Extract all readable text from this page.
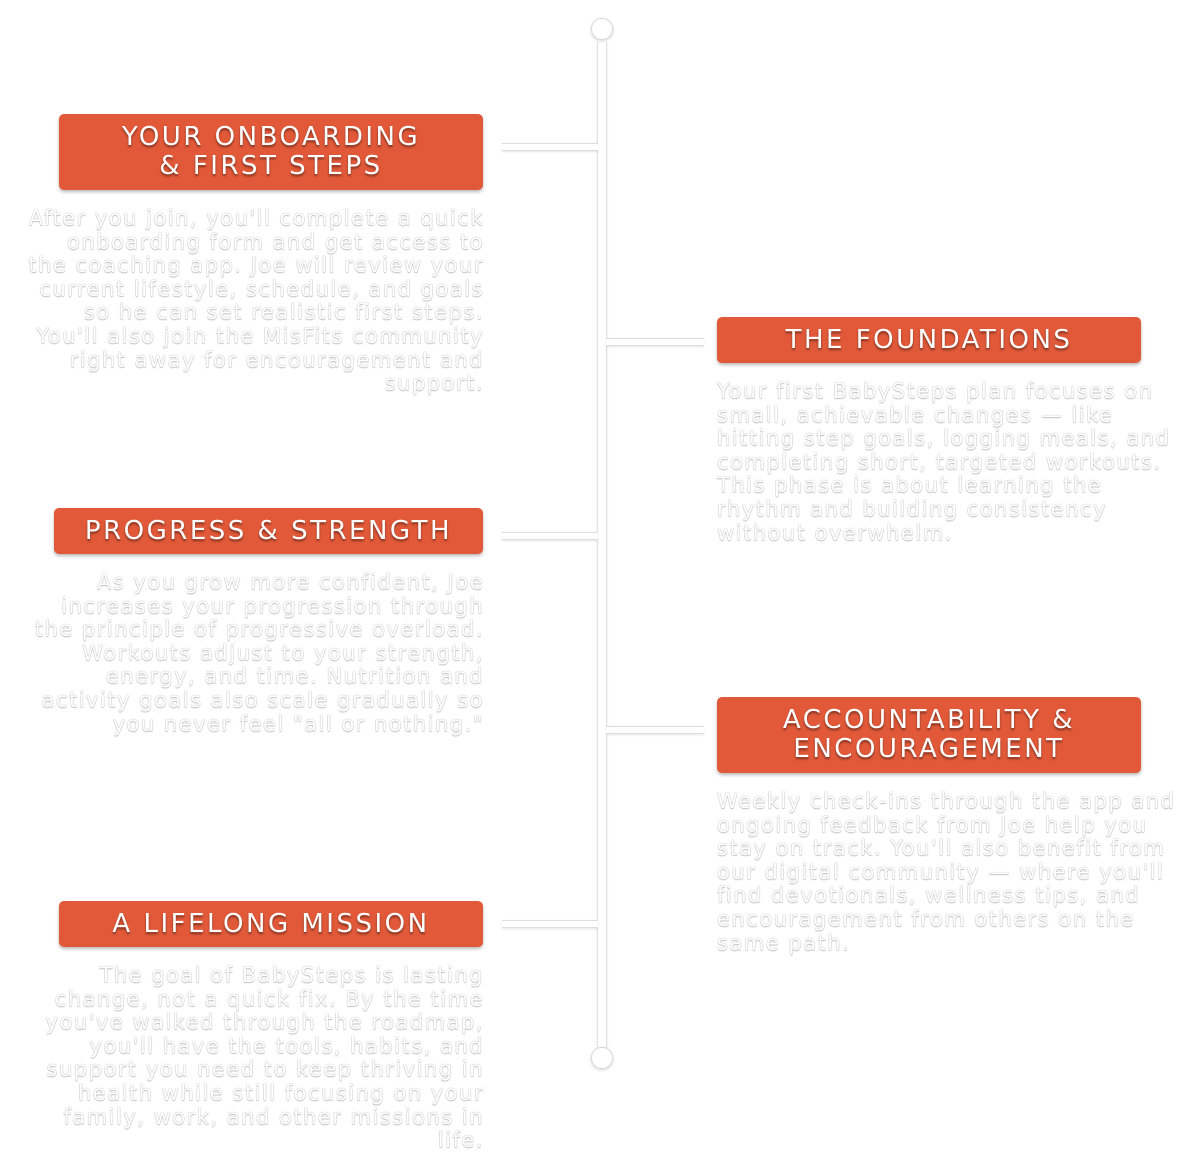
YOUR ONBOARDING
& FIRST STEPS

After you join, you'll complete a quick onboarding form and get access to the coaching app. Joe will review your current lifestyle, schedule, and goals so he can set realistic first steps. You'll also join the MisFits community right away for encouragement and support.

THE FOUNDATIONS

Your first BabySteps plan focuses on small, achievable changes — like hitting step goals, logging meals, and completing short, targeted workouts. This phase is about learning the rhythm and building consistency without overwhelm.

PROGRESS & STRENGTH

As you grow more confident, Joe increases your progression through the principle of progressive overload. Workouts adjust to your strength, energy, and time. Nutrition and activity goals also scale gradually so you never feel "all or nothing."	ACCOUNTABILITY &
ENCOURAGEMENT

Weekly check-ins through the app and ongoing feedback from Joe help you stay on track. You'll also benefit from our digital community — where you'll find devotionals, wellness tips, and encouragement from others on the same path.

A LIFELONG MISSION

The goal of BabySteps is lasting change, not a quick fix. By the time you've walked through the roadmap, you'll have the tools, habits, and support you need to keep thriving in health while still focusing on your family, work, and other missions in life.
